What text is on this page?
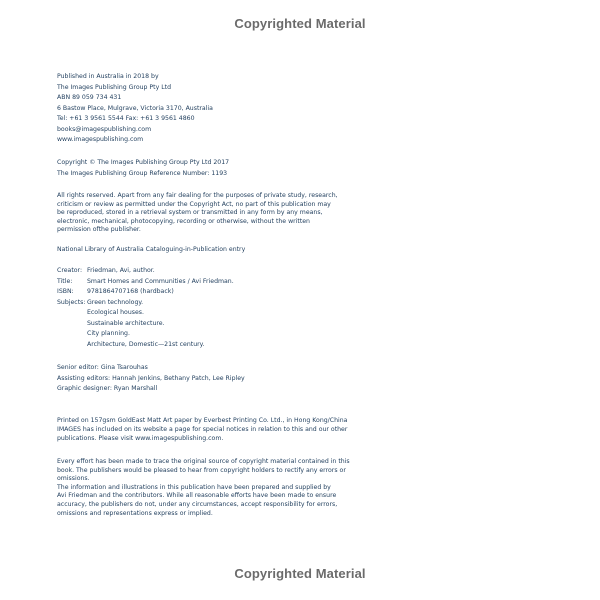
Copyrighted Material
Published in Australia in 2018 by
The Images Publishing Group Pty Ltd
ABN 89 059 734 431
6 Bastow Place, Mulgrave, Victoria 3170, Australia
Tel: +61 3 9561 5544 Fax: +61 3 9561 4860
books@imagespublishing.com
www.imagespublishing.com
Copyright © The Images Publishing Group Pty Ltd 2017
The Images Publishing Group Reference Number: 1193
All rights reserved. Apart from any fair dealing for the purposes of private study, research,
criticism or review as permitted under the Copyright Act, no part of this publication may
be reproduced, stored in a retrieval system or transmitted in any form by any means,
electronic, mechanical, photocopying, recording or otherwise, without the written
permission ofthe publisher.
National Library of Australia Cataloguing-in-Publication entry
Creator: Friedman, Avi, author.
Title: Smart Homes and Communities / Avi Friedman.
ISBN: 9781864707168 (hardback)
Subjects: Green technology.
Ecological houses.
Sustainable architecture.
City planning.
Architecture, Domestic—21st century.
Senior editor: Gina Tsarouhas
Assisting editors: Hannah Jenkins, Bethany Patch, Lee Ripley
Graphic designer: Ryan Marshall
Printed on 157gsm GoldEast Matt Art paper by Everbest Printing Co. Ltd., in Hong Kong/China
IMAGES has included on its website a page for special notices in relation to this and our other
publications. Please visit www.imagespublishing.com.
Every effort has been made to trace the original source of copyright material contained in this
book. The publishers would be pleased to hear from copyright holders to rectify any errors or
omissions.
The information and illustrations in this publication have been prepared and supplied by
Avi Friedman and the contributors. While all reasonable efforts have been made to ensure
accuracy, the publishers do not, under any circumstances, accept responsibility for errors,
omissions and representations express or implied.
Copyrighted Material
